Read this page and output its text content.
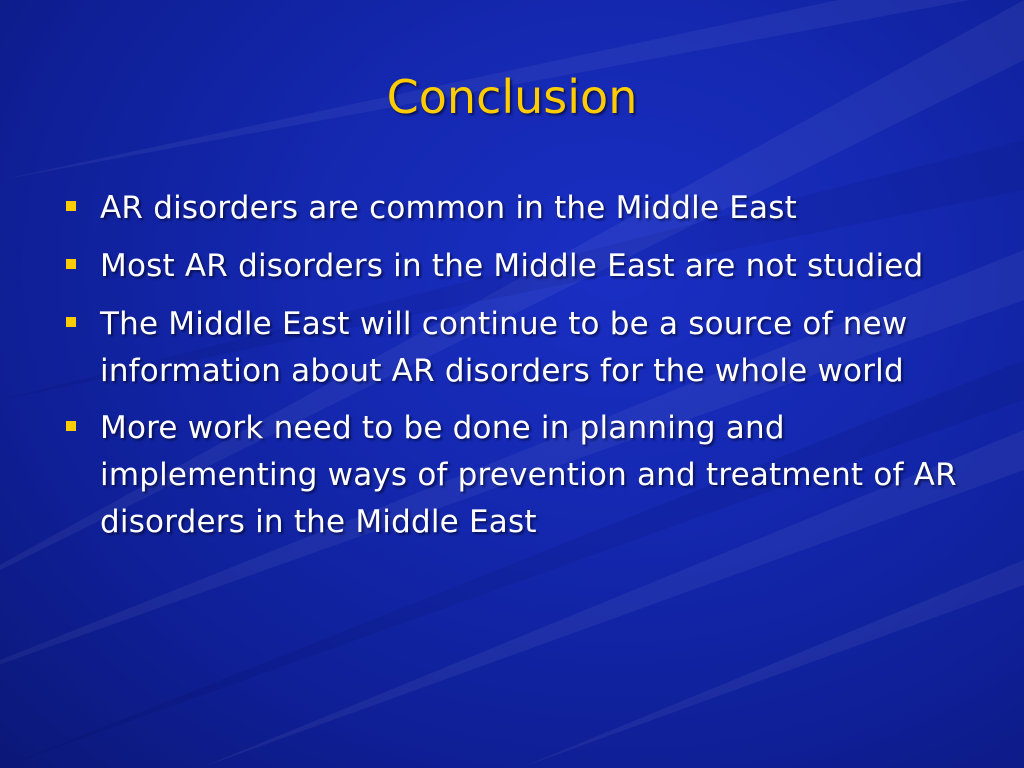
Conclusion
AR disorders are common in the Middle East
Most AR disorders in the Middle East are not studied
The Middle East will continue to be a source of new information about AR disorders for the whole world
More work need to be done in planning and implementing ways of prevention and treatment of AR disorders in the Middle East
